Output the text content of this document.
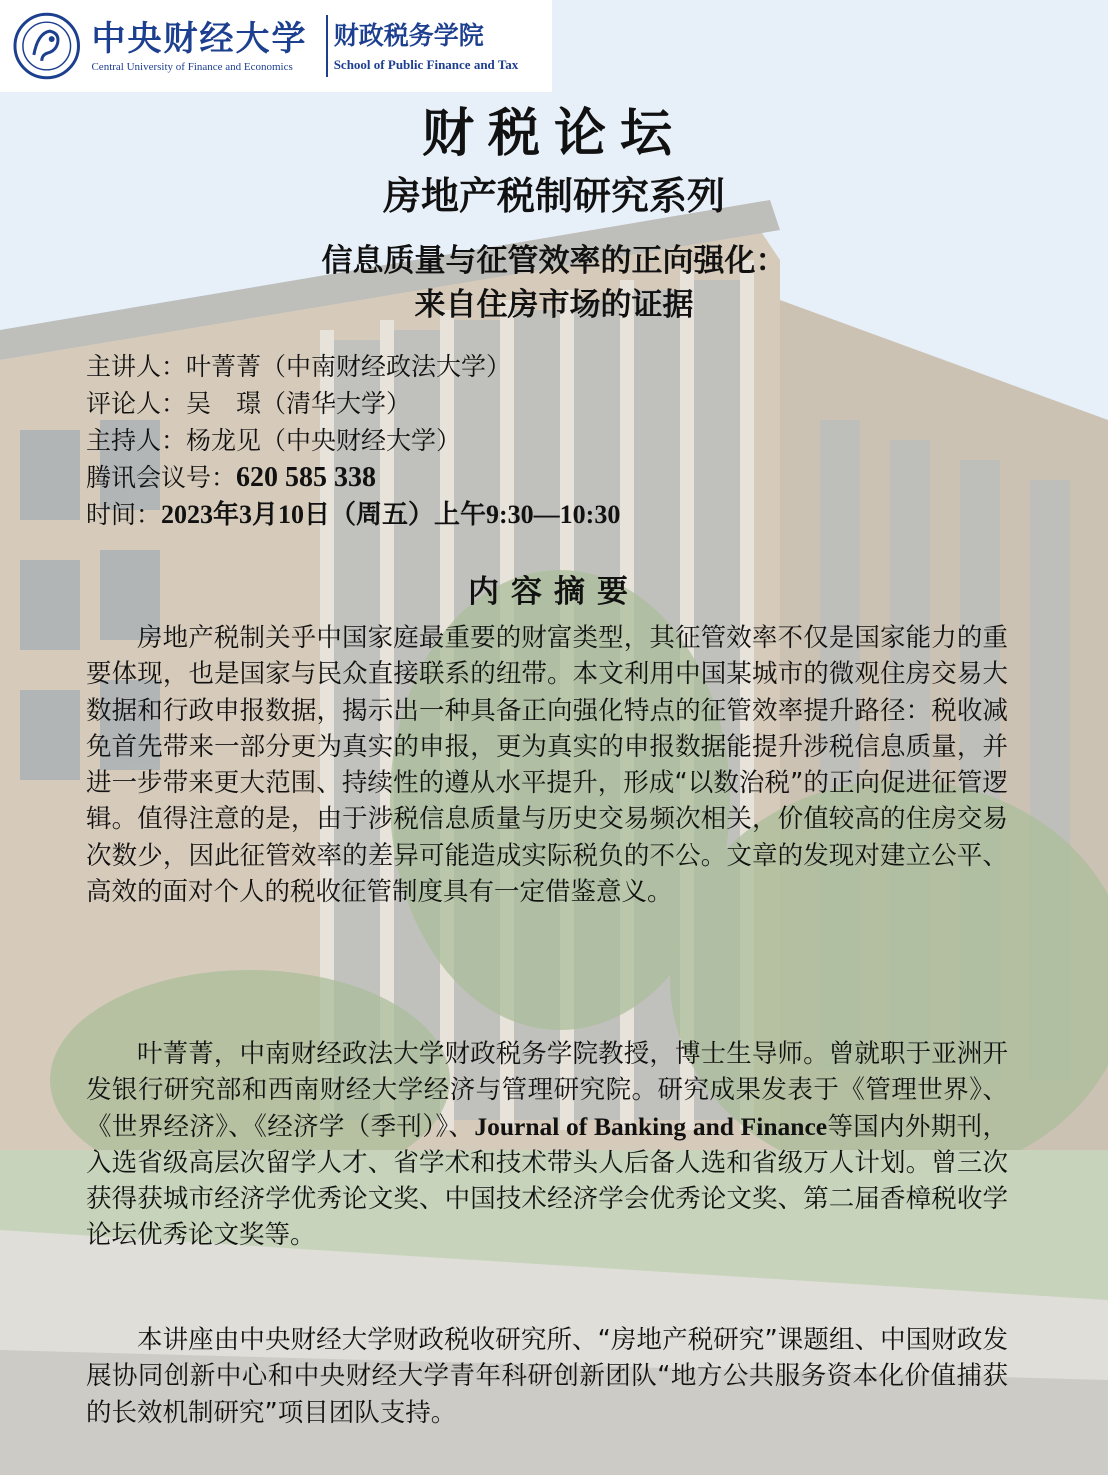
中央财经大学
Central University of Finance and Economics
财政税务学院
School of Public Finance and Tax
财税论坛
房地产税制研究系列
信息质量与征管效率的正向强化：
来自住房市场的证据
主讲人：叶菁菁（中南财经政法大学）
评论人：吴　璟（清华大学）
主持人：杨龙见（中央财经大学）
腾讯会议号：620 585 338
时间：2023年3月10日（周五）上午9:30—10:30
内容摘要
房地产税制关乎中国家庭最重要的财富类型，其征管效率不仅是国家能力的重要体现，也是国家与民众直接联系的纽带。本文利用中国某城市的微观住房交易大数据和行政申报数据，揭示出一种具备正向强化特点的征管效率提升路径：税收减免首先带来一部分更为真实的申报，更为真实的申报数据能提升涉税信息质量，并进一步带来更大范围、持续性的遵从水平提升，形成“以数治税”的正向促进征管逻辑。值得注意的是，由于涉税信息质量与历史交易频次相关，价值较高的住房交易次数少，因此征管效率的差异可能造成实际税负的不公。文章的发现对建立公平、高效的面对个人的税收征管制度具有一定借鉴意义。
叶菁菁，中南财经政法大学财政税务学院教授，博士生导师。曾就职于亚洲开发银行研究部和西南财经大学经济与管理研究院。研究成果发表于《管理世界》、《世界经济》、《经济学（季刊）》、Journal of Banking and Finance等国内外期刊，入选省级高层次留学人才、省学术和技术带头人后备人选和省级万人计划。曾三次获得获城市经济学优秀论文奖、中国技术经济学会优秀论文奖、第二届香樟税收学论坛优秀论文奖等。
本讲座由中央财经大学财政税收研究所、“房地产税研究”课题组、中国财政发展协同创新中心和中央财经大学青年科研创新团队“地方公共服务资本化价值捕获的长效机制研究”项目团队支持。
